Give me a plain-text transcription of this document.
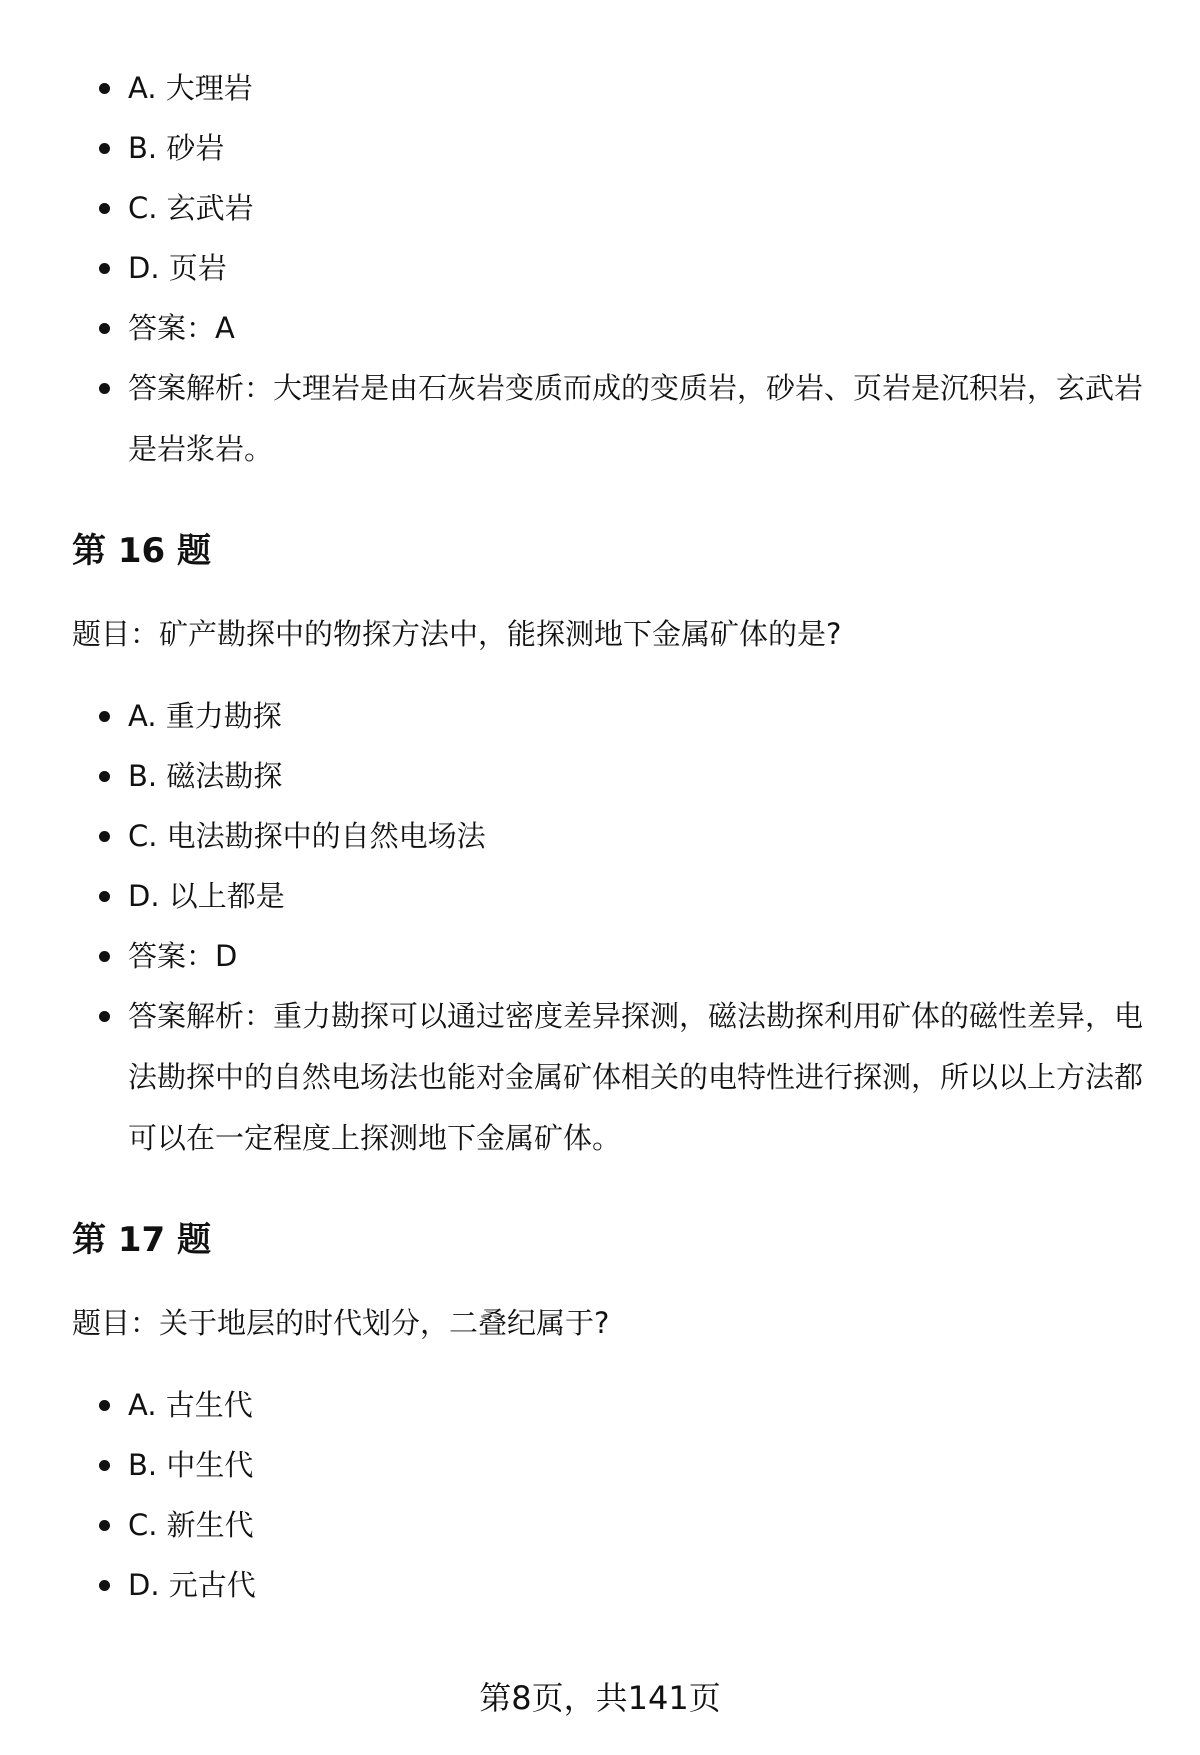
A. 大理岩
B. 砂岩
C. 玄武岩
D. 页岩
答案：A
答案解析：大理岩是由石灰岩变质而成的变质岩，砂岩、页岩是沉积岩，玄武岩是岩浆岩。
第 16 题

题目：矿产勘探中的物探方法中，能探测地下金属矿体的是?

A. 重力勘探
B. 磁法勘探
C. 电法勘探中的自然电场法
D. 以上都是
答案：D
答案解析：重力勘探可以通过密度差异探测，磁法勘探利用矿体的磁性差异，电法勘探中的自然电场法也能对金属矿体相关的电特性进行探测，所以以上方法都可以在一定程度上探测地下金属矿体。
第 17 题

题目：关于地层的时代划分，二叠纪属于?

A. 古生代
B. 中生代
C. 新生代
D. 元古代
第8页，共141页
